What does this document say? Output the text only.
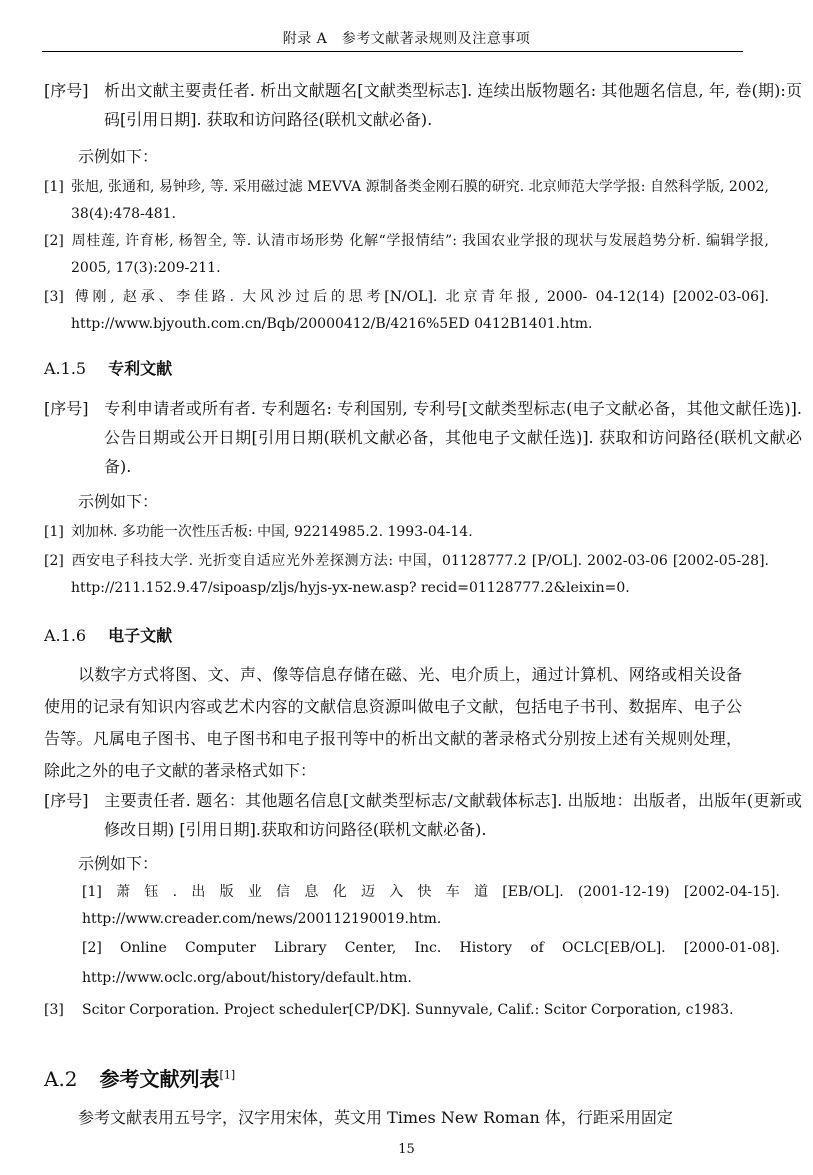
附录 A　参考文献著录规则及注意事项
[序号] 析出文献主要责任者. 析出文献题名[文献类型标志]. 连续出版物题名: 其他题名信息, 年, 卷(期):页码[引用日期]. 获取和访问路径(联机文献必备).
示例如下：
[1] 张旭, 张通和, 易钟珍, 等. 采用磁过滤 MEVVA 源制备类金刚石膜的研究. 北京师范大学学报: 自然科学版, 2002, 38(4):478-481.
[2] 周桂莲, 许育彬, 杨智全, 等. 认清市场形势 化解“学报情结”: 我国农业学报的现状与发展趋势分析. 编辑学报, 2005, 17(3):209-211.
[3] 傅刚, 赵承、李佳路. 大风沙过后的思考[N/OL]. 北京青年报, 2000- 04-12(14) [2002-03-06]. http://www.bjyouth.com.cn/Bqb/20000412/B/4216%5ED 0412B1401.htm.
A.1.5 专利文献
[序号] 专利申请者或所有者. 专利题名: 专利国别, 专利号[文献类型标志(电子文献必备，其他文献任选)]. 公告日期或公开日期[引用日期(联机文献必备，其他电子文献任选)]. 获取和访问路径(联机文献必备).
示例如下：
[1] 刘加林. 多功能一次性压舌板: 中国, 92214985.2. 1993-04-14.
[2] 西安电子科技大学. 光折变自适应光外差探测方法: 中国，01128777.2 [P/OL]. 2002-03-06 [2002-05-28]. http://211.152.9.47/sipoasp/zljs/hyjs-yx-new.asp? recid=01128777.2&leixin=0.
A.1.6 电子文献
以数字方式将图、文、声、像等信息存储在磁、光、电介质上，通过计算机、网络或相关设备使用的记录有知识内容或艺术内容的文献信息资源叫做电子文献，包括电子书刊、数据库、电子公告等。凡属电子图书、电子图书和电子报刊等中的析出文献的著录格式分别按上述有关规则处理，除此之外的电子文献的著录格式如下：
[序号] 主要责任者. 题名：其他题名信息[文献类型标志/文献载体标志]. 出版地：出版者，出版年(更新或修改日期) [引用日期].获取和访问路径(联机文献必备).
示例如下：
[1] 萧 钰 . 出 版 业 信 息 化 迈 入 快 车 道 [EB/OL]. (2001-12-19) [2002-04-15].
http://www.creader.com/news/200112190019.htm.
[2] Online Computer Library Center, Inc. History of OCLC[EB/OL]. [2000-01-08].
http://www.oclc.org/about/history/default.htm.
[3] Scitor Corporation. Project scheduler[CP/DK]. Sunnyvale, Calif.: Scitor Corporation, c1983.
A.2 参考文献列表[1]
参考文献表用五号字，汉字用宋体，英文用 Times New Roman 体，行距采用固定
15
